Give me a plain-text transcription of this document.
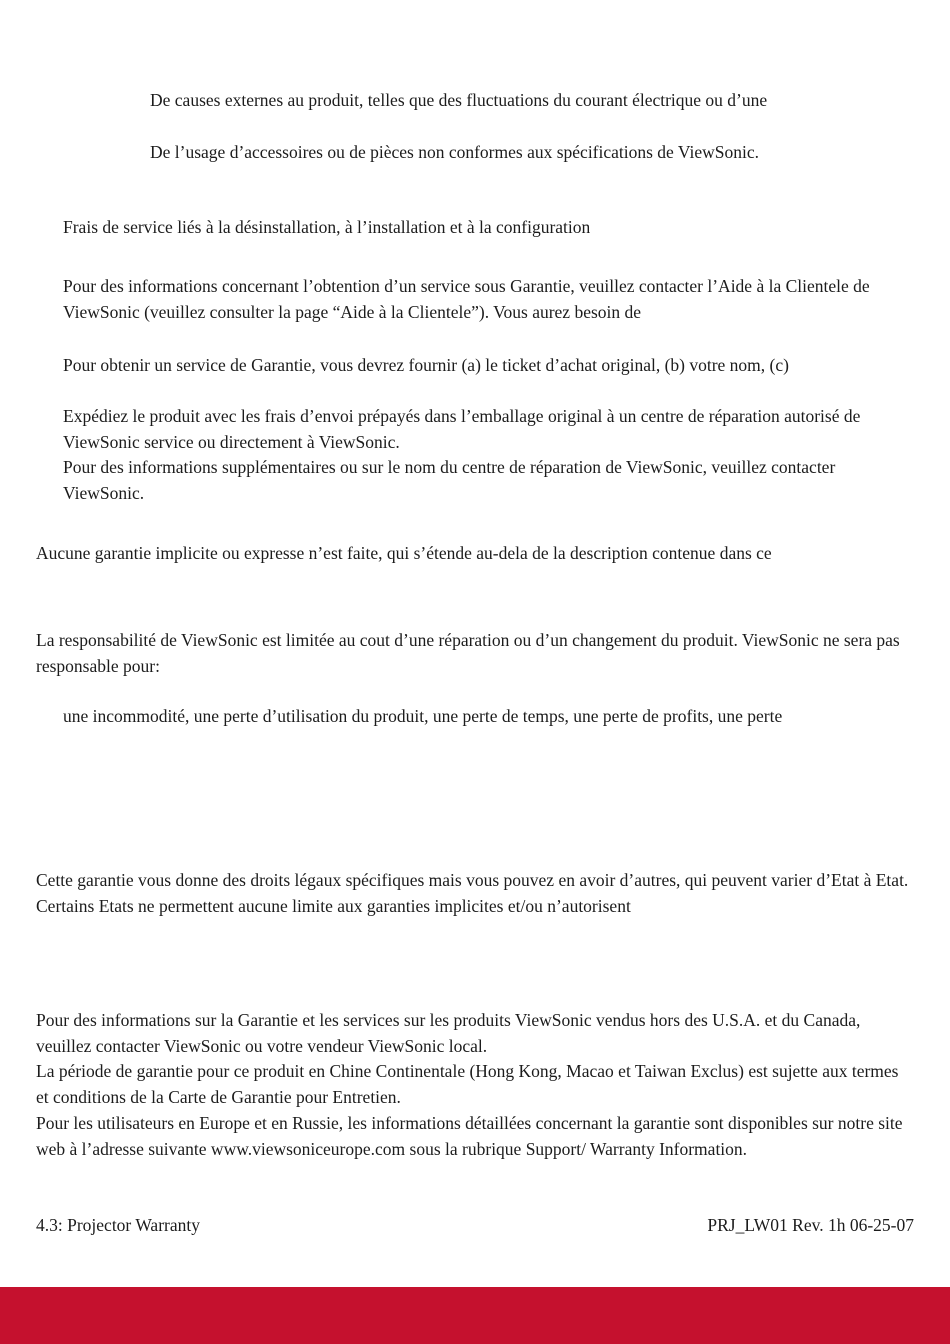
De causes externes au produit, telles que des fluctuations du courant électrique ou d’une

De l’usage d’accessoires ou de pièces non conformes aux spécifications de ViewSonic.

Frais de service liés à la désinstallation, à l’installation et à la configuration

Pour des informations concernant l’obtention d’un service sous Garantie, veuillez contacter l’Aide à la Clientele de ViewSonic (veuillez consulter la page “Aide à la Clientele”). Vous aurez besoin de

Pour obtenir un service de Garantie, vous devrez fournir (a) le ticket d’achat original, (b) votre nom, (c)

Expédiez le produit avec les frais d’envoi prépayés dans l’emballage original à un centre de réparation autorisé de ViewSonic service ou directement à ViewSonic.

Pour des informations supplémentaires ou sur le nom du centre de réparation de ViewSonic, veuillez contacter ViewSonic.

Aucune garantie implicite ou expresse n’est faite, qui s’étende au-dela de la description contenue dans ce

La responsabilité de ViewSonic est limitée au cout d’une réparation ou d’un changement du produit. ViewSonic ne sera pas responsable pour:

une incommodité, une perte d’utilisation du produit, une perte de temps, une perte de profits, une perte

Cette garantie vous donne des droits légaux spécifiques mais vous pouvez en avoir d’autres, qui peuvent varier d’Etat à Etat. Certains Etats ne permettent aucune limite aux garanties implicites et/ou n’autorisent

Pour des informations sur la Garantie et les services sur les produits ViewSonic vendus hors des U.S.A. et du Canada, veuillez contacter ViewSonic ou votre vendeur ViewSonic local.

La période de garantie pour ce produit en Chine Continentale (Hong Kong, Macao et Taiwan Exclus) est sujette aux termes et conditions de la Carte de Garantie pour Entretien.

Pour les utilisateurs en Europe et en Russie, les informations détaillées concernant la garantie sont disponibles sur notre site web à l’adresse suivante www.viewsoniceurope.com sous la rubrique Support/ Warranty Information.

4.3: Projector Warranty	PRJ_LW01 Rev. 1h 06-25-07
